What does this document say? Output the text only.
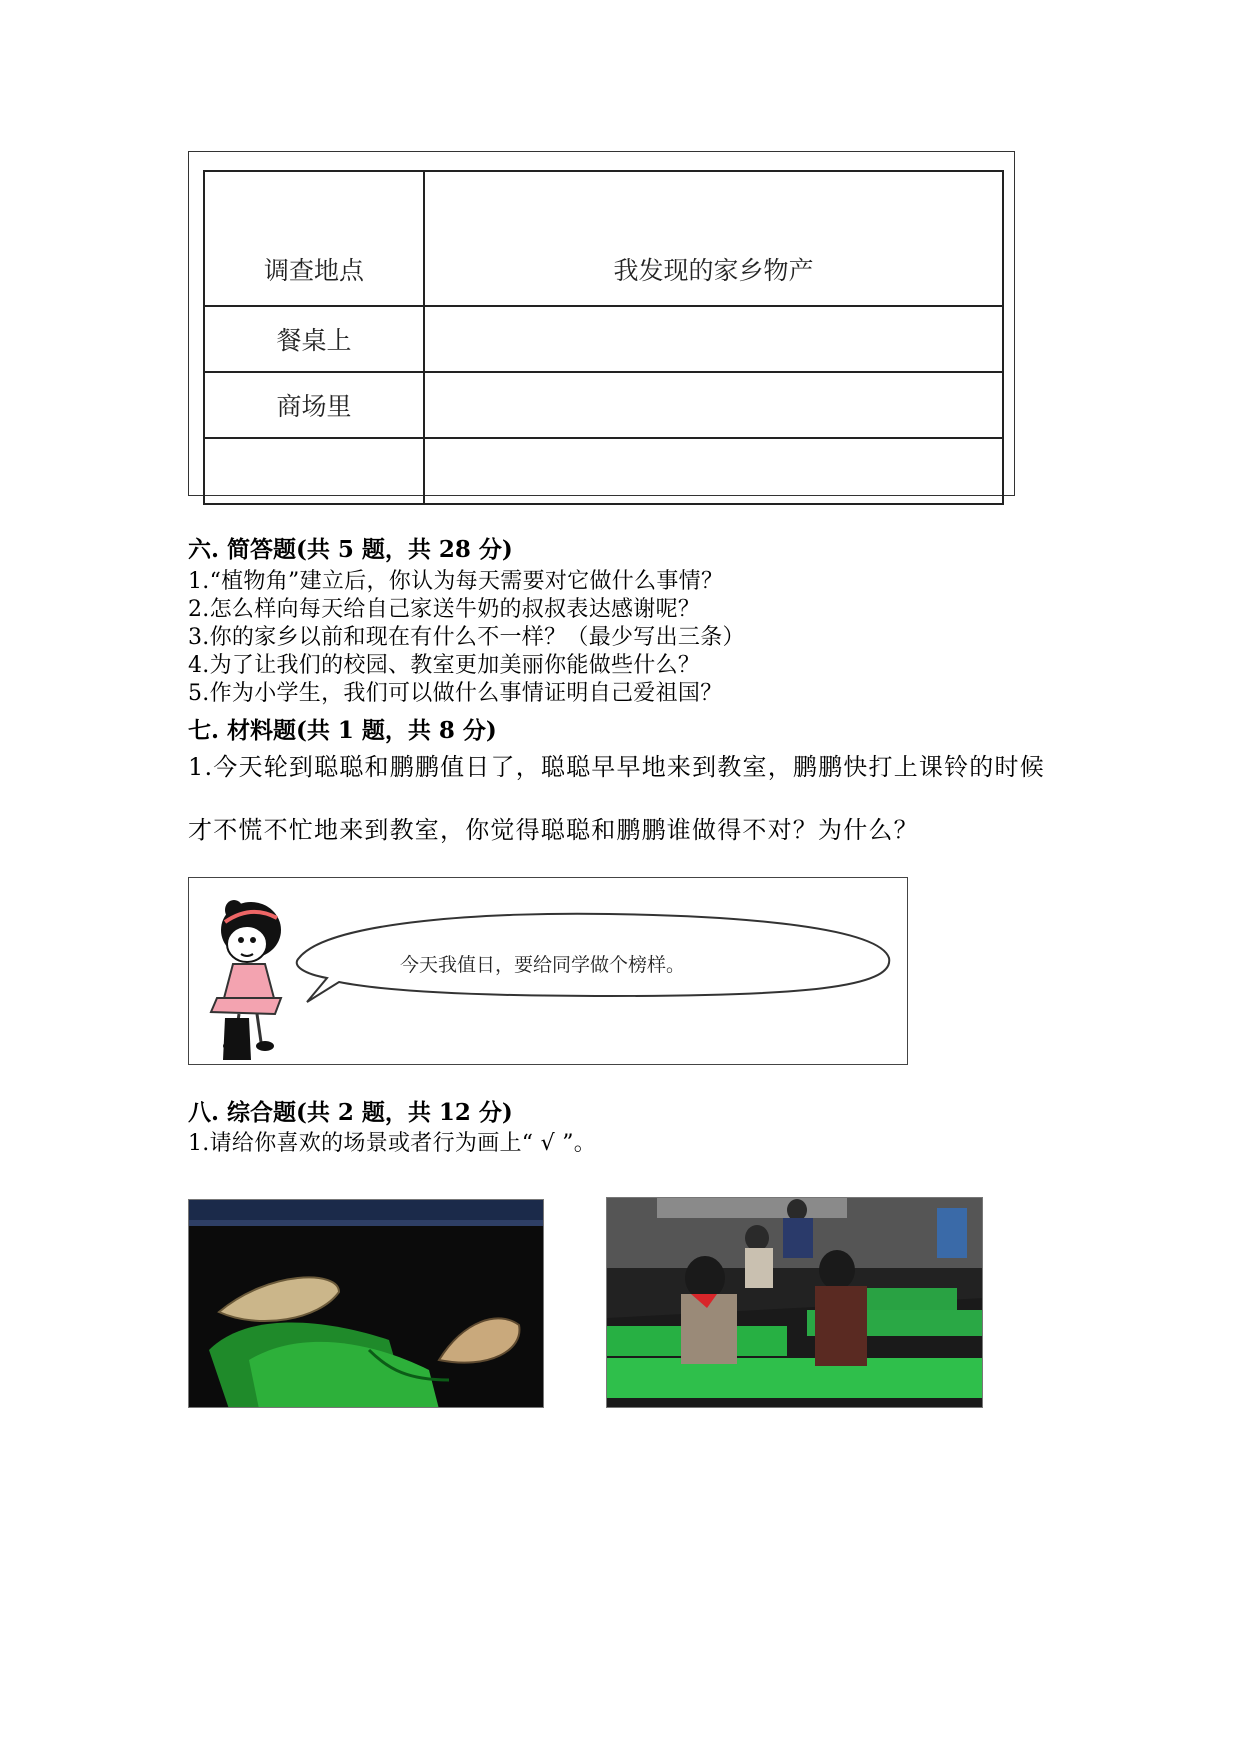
调查地点	我发现的家乡物产
餐桌上	
商场里	

六. 简答题(共 5 题，共 28 分)
1.“植物角”建立后，你认为每天需要对它做什么事情？
2.怎么样向每天给自己家送牛奶的叔叔表达感谢呢？
3.你的家乡以前和现在有什么不一样？（最少写出三条）
4.为了让我们的校园、教室更加美丽你能做些什么？
5.作为小学生，我们可以做什么事情证明自己爱祖国？
七. 材料题(共 1 题，共 8 分)
1.今天轮到聪聪和鹏鹏值日了，聪聪早早地来到教室，鹏鹏快打上课铃的时候
才不慌不忙地来到教室，你觉得聪聪和鹏鹏谁做得不对？为什么？
今天我值日，要给同学做个榜样。
八. 综合题(共 2 题，共 12 分)
1.请给你喜欢的场景或者行为画上“ √ ”。
